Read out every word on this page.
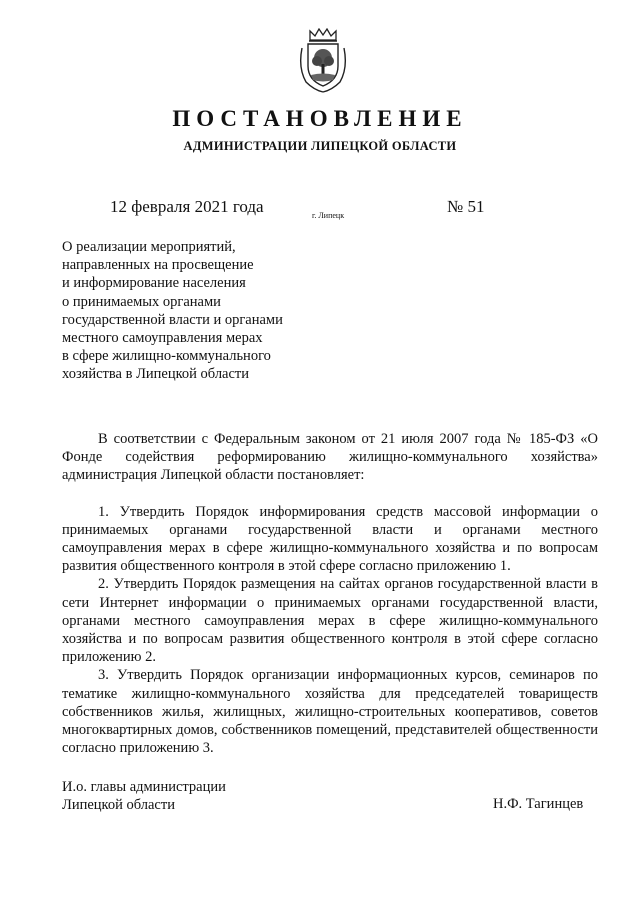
ПОСТАНОВЛЕНИЕ
АДМИНИСТРАЦИИ ЛИПЕЦКОЙ ОБЛАСТИ
12 февраля 2021 года	г. Липецк	№ 51
О реализации мероприятий,
направленных на просвещение
и информирование населения
о принимаемых органами
государственной власти и органами
местного самоуправления мерах
в сфере жилищно-коммунального
хозяйства в Липецкой области

В соответствии с Федеральным законом от 21 июля 2007 года № 185-ФЗ «О Фонде содействия реформированию жилищно-коммунального хозяйства» администрация Липецкой области постановляет:

1. Утвердить Порядок информирования средств массовой информации о принимаемых органами государственной власти и органами местного самоуправления мерах в сфере жилищно-коммунального хозяйства и по вопросам развития общественного контроля в этой сфере согласно приложению 1.

2. Утвердить Порядок размещения на сайтах органов государственной власти в сети Интернет информации о принимаемых органами государственной власти, органами местного самоуправления мерах в сфере жилищно-коммунального хозяйства и по вопросам развития общественного контроля в этой сфере согласно приложению 2.

3. Утвердить Порядок организации информационных курсов, семинаров по тематике жилищно-коммунального хозяйства для председателей товариществ собственников жилья, жилищных, жилищно-строительных кооперативов, советов многоквартирных домов, собственников помещений, представителей общественности согласно приложению 3.

И.о. главы администрации
Липецкой области	Н.Ф. Тагинцев
